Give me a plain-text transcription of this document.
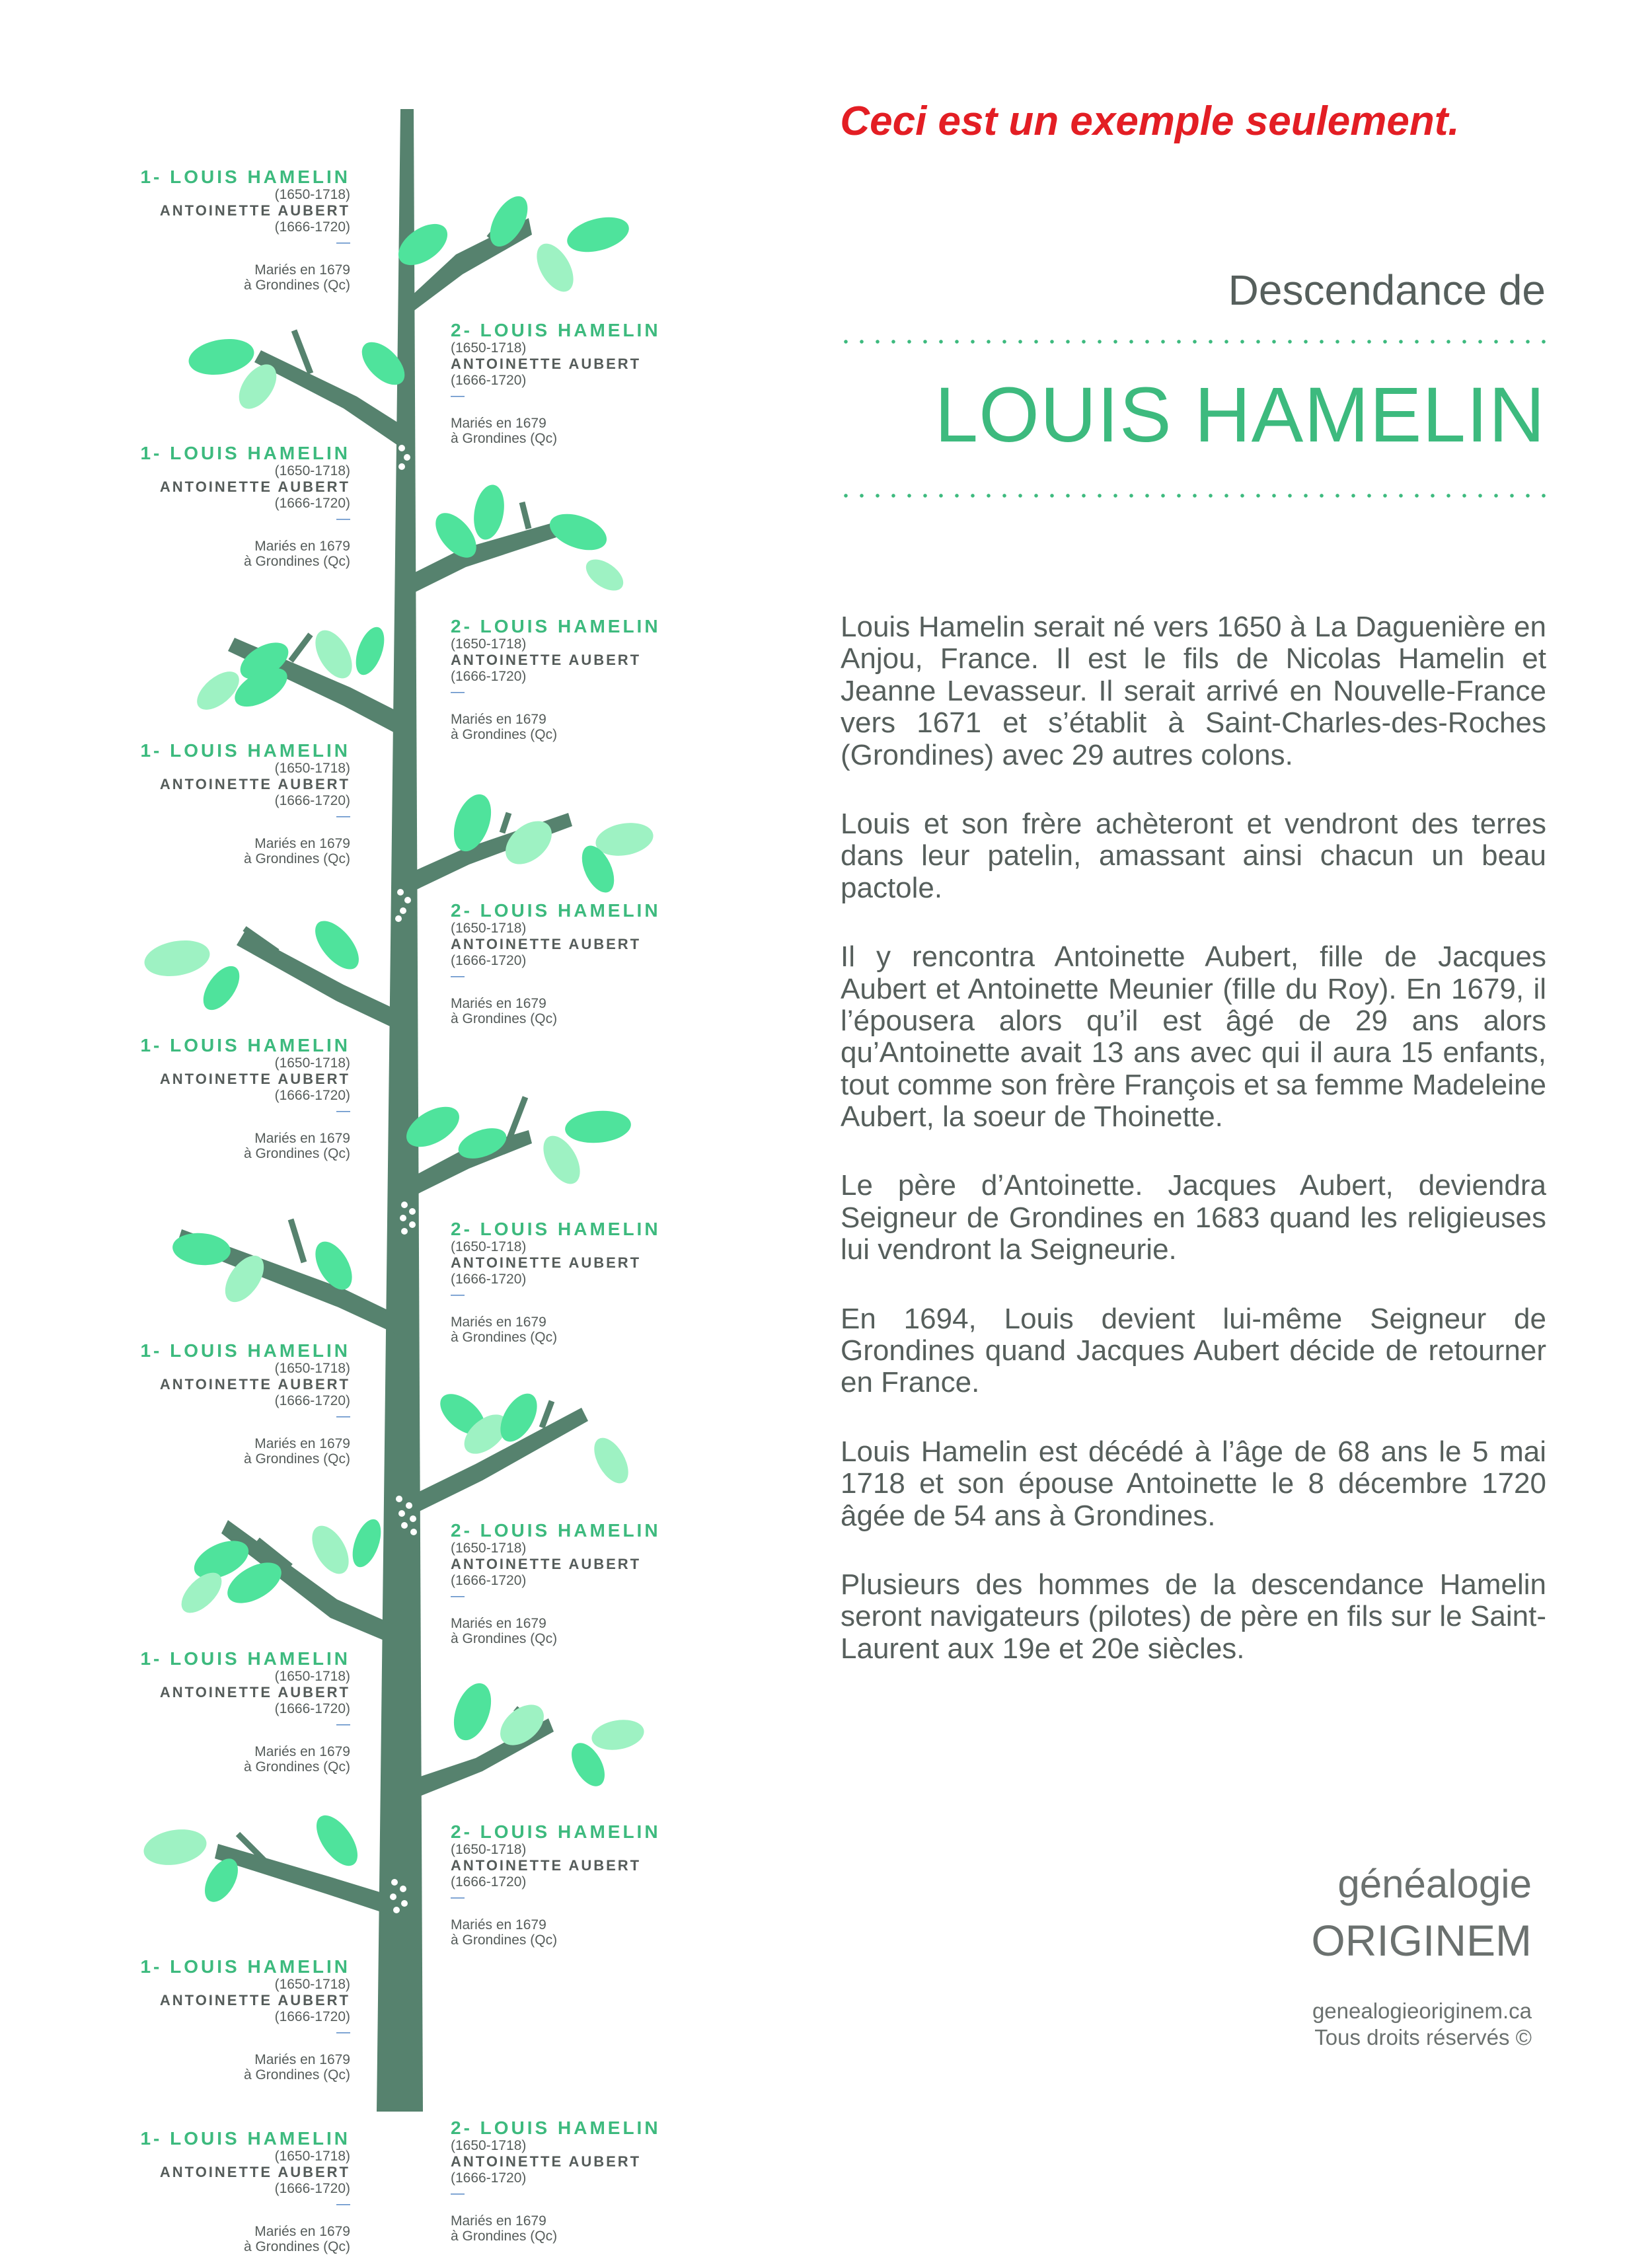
1- LOUIS HAMELIN
(1650-1718)
ANTOINETTE AUBERT
(1666-1720)
—
Mariés en 1679
à Grondines (Qc)
2- LOUIS HAMELIN
(1650-1718)
ANTOINETTE AUBERT
(1666-1720)
—
Mariés en 1679
à Grondines (Qc)
1- LOUIS HAMELIN
(1650-1718)
ANTOINETTE AUBERT
(1666-1720)
—
Mariés en 1679
à Grondines (Qc)
2- LOUIS HAMELIN
(1650-1718)
ANTOINETTE AUBERT
(1666-1720)
—
Mariés en 1679
à Grondines (Qc)
1- LOUIS HAMELIN
(1650-1718)
ANTOINETTE AUBERT
(1666-1720)
—
Mariés en 1679
à Grondines (Qc)
2- LOUIS HAMELIN
(1650-1718)
ANTOINETTE AUBERT
(1666-1720)
—
Mariés en 1679
à Grondines (Qc)
1- LOUIS HAMELIN
(1650-1718)
ANTOINETTE AUBERT
(1666-1720)
—
Mariés en 1679
à Grondines (Qc)
2- LOUIS HAMELIN
(1650-1718)
ANTOINETTE AUBERT
(1666-1720)
—
Mariés en 1679
à Grondines (Qc)
1- LOUIS HAMELIN
(1650-1718)
ANTOINETTE AUBERT
(1666-1720)
—
Mariés en 1679
à Grondines (Qc)
2- LOUIS HAMELIN
(1650-1718)
ANTOINETTE AUBERT
(1666-1720)
—
Mariés en 1679
à Grondines (Qc)
1- LOUIS HAMELIN
(1650-1718)
ANTOINETTE AUBERT
(1666-1720)
—
Mariés en 1679
à Grondines (Qc)
2- LOUIS HAMELIN
(1650-1718)
ANTOINETTE AUBERT
(1666-1720)
—
Mariés en 1679
à Grondines (Qc)
1- LOUIS HAMELIN
(1650-1718)
ANTOINETTE AUBERT
(1666-1720)
—
Mariés en 1679
à Grondines (Qc)
2- LOUIS HAMELIN
(1650-1718)
ANTOINETTE AUBERT
(1666-1720)
—
Mariés en 1679
à Grondines (Qc)
1- LOUIS HAMELIN
(1650-1718)
ANTOINETTE AUBERT
(1666-1720)
—
Mariés en 1679
à Grondines (Qc)
Ceci est un exemple seulement.
Descendance de
LOUIS HAMELIN

Louis Hamelin serait né vers 1650 à La Daguenière en Anjou, France. Il est le fils de Nicolas Hamelin et Jeanne Levasseur. Il serait arrivé en Nouvelle-France vers 1671 et s’établit à Saint-Charles-des-Roches (Grondines) avec 29 autres colons.

Louis et son frère achèteront et vendront des terres dans leur patelin, amassant ainsi chacun un beau pactole.

Il y rencontra Antoinette Aubert, fille de Jacques Aubert et Antoinette Meunier (fille du Roy). En 1679, il l’épousera alors qu’il est âgé de 29 ans alors qu’Antoinette avait 13 ans avec qui il aura 15 enfants, tout comme son frère François et sa femme Madeleine Aubert, la soeur de Thoinette.

Le père d’Antoinette. Jacques Aubert, deviendra Seigneur de Grondines en 1683 quand les religieuses lui vendront la Seigneurie.

En 1694, Louis devient lui-même Seigneur de Grondines quand Jacques Aubert décide de retourner en France.

Louis Hamelin est décédé à l’âge de 68 ans le 5 mai 1718 et son épouse Antoinette le 8 décembre 1720 âgée de 54 ans à Grondines.

Plusieurs des hommes de la descendance Hamelin seront navigateurs (pilotes) de père en fils sur le Saint-Laurent aux 19e et 20e siècles.

généalogie
ORIGINEM
genealogieoriginem.ca
Tous droits réservés ©
